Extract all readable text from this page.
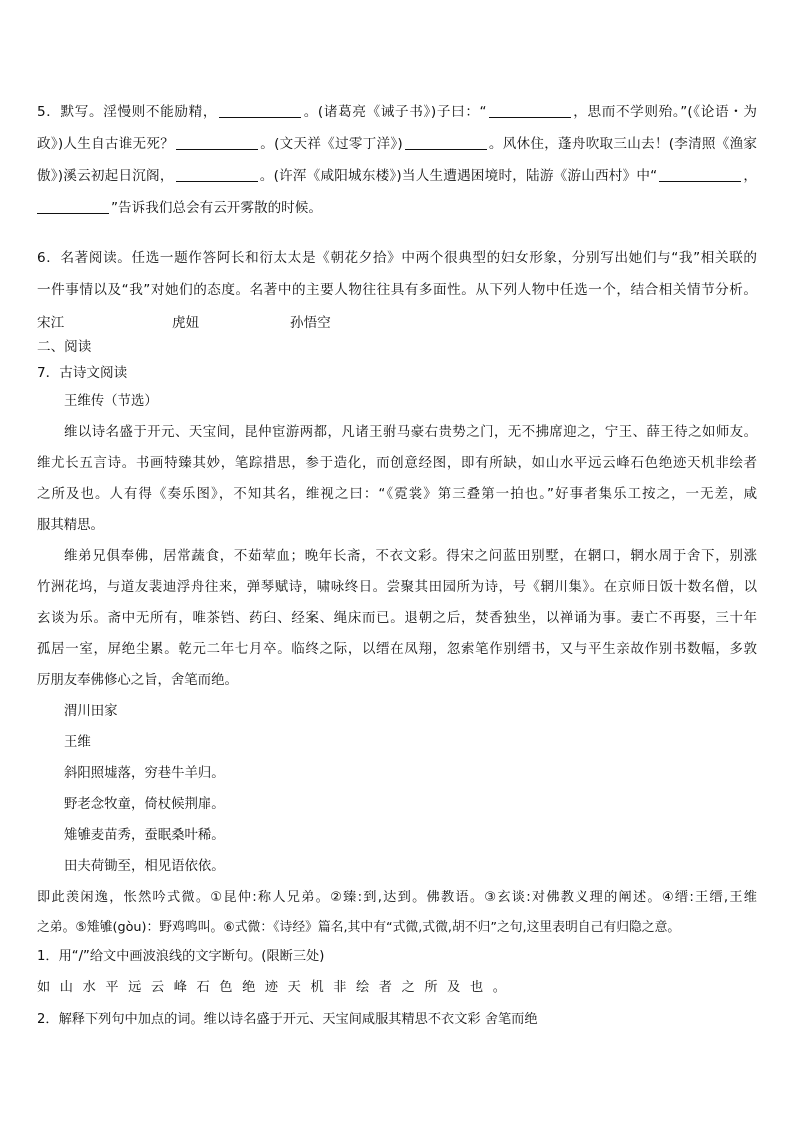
5．默写。淫慢则不能励精，	。(诸葛亮《诫子书》)子曰：“	，思而不学则殆。”(《论语・为
政》)人生自古谁无死？	。(文天祥《过零丁洋》)	。风休住，蓬舟吹取三山去！(李清照《渔家
傲》)溪云初起日沉阁，	。(许浑《咸阳城东楼》)当人生遭遇困境时，陆游《游山西村》中“	，
”告诉我们总会有云开雾散的时候。
6．名著阅读。任选一题作答阿长和衍太太是《朝花夕拾》中两个很典型的妇女形象，分别写出她们与“我”相关联的
一件事情以及“我”对她们的态度。名著中的主要人物往往具有多面性。从下列人物中任选一个，结合相关情节分析。
宋江	虎妞	孙悟空
二、阅读
7．古诗文阅读
王维传（节选）
维以诗名盛于开元、天宝间，昆仲宦游两都，凡诸王驸马豪右贵势之门，无不拂席迎之，宁王、薛王待之如师友。
维尤长五言诗。书画特臻其妙，笔踪措思，参于造化，而创意经图，即有所缺，如山水平远云峰石色绝迹天机非绘者
之所及也。人有得《奏乐图》，不知其名，维视之曰：“《霓裳》第三叠第一拍也。”好事者集乐工按之，一无差，咸
服其精思。
维弟兄俱奉佛，居常蔬食，不茹荤血；晚年长斋，不衣文彩。得宋之问蓝田别墅，在辋口，辋水周于舍下，别涨
竹洲花坞，与道友裴迪浮舟往来，弹琴赋诗，啸咏终日。尝聚其田园所为诗，号《辋川集》。在京师日饭十数名僧，以
玄谈为乐。斋中无所有，唯茶铛、药臼、经案、绳床而已。退朝之后，焚香独坐，以禅诵为事。妻亡不再娶，三十年
孤居一室，屏绝尘累。乾元二年七月卒。临终之际，以缙在凤翔，忽索笔作别缙书，又与平生亲故作别书数幅，多敦
厉朋友奉佛修心之旨，舍笔而绝。
渭川田家
王维
斜阳照墟落，穷巷牛羊归。
野老念牧童，倚杖候荆扉。
雉雊麦苗秀，蚕眠桑叶稀。
田夫荷锄至，相见语依依。
即此羡闲逸，怅然吟式微。①昆仲:称人兄弟。②臻:到,达到。佛教语。③玄谈:对佛教义理的阐述。④缙:王缙,王维
之弟。⑤雉雊(gòu)：野鸡鸣叫。⑥式微：《诗经》篇名,其中有“式微,式微,胡不归”之句,这里表明自己有归隐之意。
1．用“/”给文中画波浪线的文字断句。(限断三处)
如山水平远云峰石色绝迹天机非绘者之所及也。
2．解释下列句中加点的词。维以诗名盛于开元、天宝间咸服其精思不衣文彩 舍笔而绝
